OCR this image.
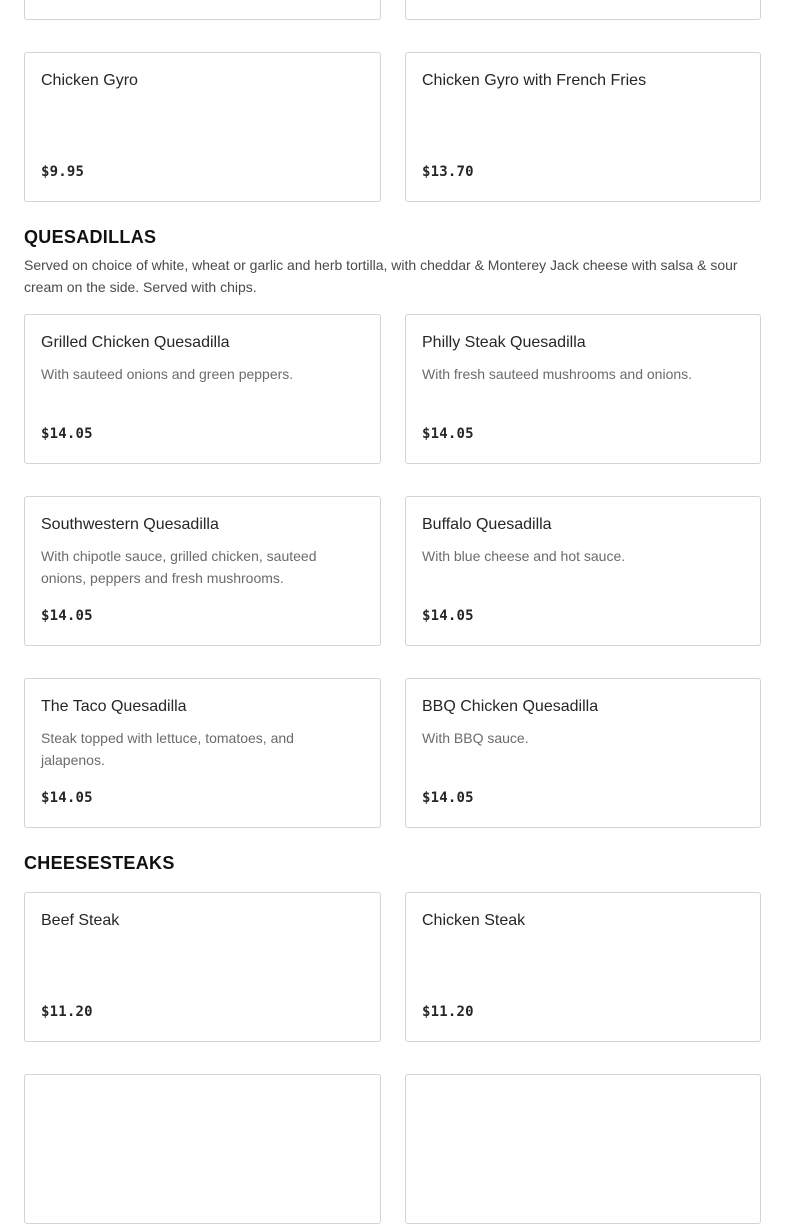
Chicken Gyro
$9.95
Chicken Gyro with French Fries
$13.70
QUESADILLAS

Served on choice of white, wheat or garlic and herb tortilla, with cheddar & Monterey Jack cheese with salsa & sour cream on the side. Served with chips.

Grilled Chicken Quesadilla
With sauteed onions and green peppers.
$14.05
Philly Steak Quesadilla
With fresh sauteed mushrooms and onions.
$14.05
Southwestern Quesadilla
With chipotle sauce, grilled chicken, sauteed onions, peppers and fresh mushrooms.
$14.05
Buffalo Quesadilla
With blue cheese and hot sauce.
$14.05
The Taco Quesadilla
Steak topped with lettuce, tomatoes, and jalapenos.
$14.05
BBQ Chicken Quesadilla
With BBQ sauce.
$14.05
CHEESESTEAKS
Beef Steak
$11.20
Chicken Steak
$11.20
